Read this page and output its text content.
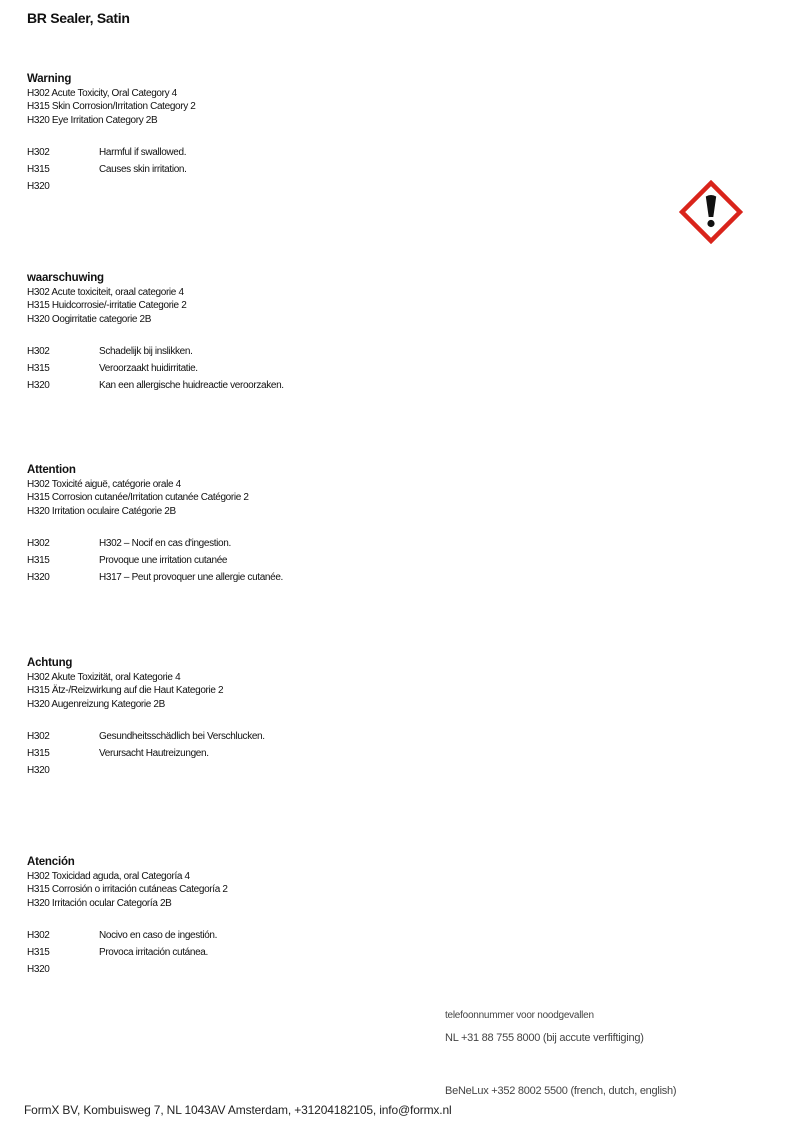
BR Sealer, Satin
Warning
H302 Acute Toxicity, Oral Category 4
H315 Skin Corrosion/Irritation Category 2
H320 Eye Irritation Category 2B
H302	Harmful if swallowed.
H315	Causes skin irritation.
H320
waarschuwing
H302 Acute toxiciteit, oraal categorie 4
H315 Huidcorrosie/-irritatie Categorie 2
H320 Oogirritatie categorie 2B
H302	Schadelijk bij inslikken.
H315	Veroorzaakt huidirritatie.
H320	Kan een allergische huidreactie veroorzaken.
Attention
H302 Toxicité aiguë, catégorie orale 4
H315 Corrosion cutanée/Irritation cutanée Catégorie 2
H320 Irritation oculaire Catégorie 2B
H302	H302 – Nocif en cas d'ingestion.
H315	Provoque une irritation cutanée
H320	H317 – Peut provoquer une allergie cutanée.
Achtung
H302 Akute Toxizität, oral Kategorie 4
H315 Ätz-/Reizwirkung auf die Haut Kategorie 2
H320 Augenreizung Kategorie 2B
H302	Gesundheitsschädlich bei Verschlucken.
H315	Verursacht Hautreizungen.
H320
Atención
H302 Toxicidad aguda, oral Categoría 4
H315 Corrosión o irritación cutáneas Categoría 2
H320 Irritación ocular Categoría 2B
H302	Nocivo en caso de ingestión.
H315	Provoca irritación cutánea.
H320
telefoonnummer voor noodgevallen
NL +31 88 755 8000 (bij accute verfiftiging)
BeNeLux +352 8002 5500 (french, dutch, english)
FormX BV, Kombuisweg 7, NL 1043AV Amsterdam, +31204182105, info@formx.nl
